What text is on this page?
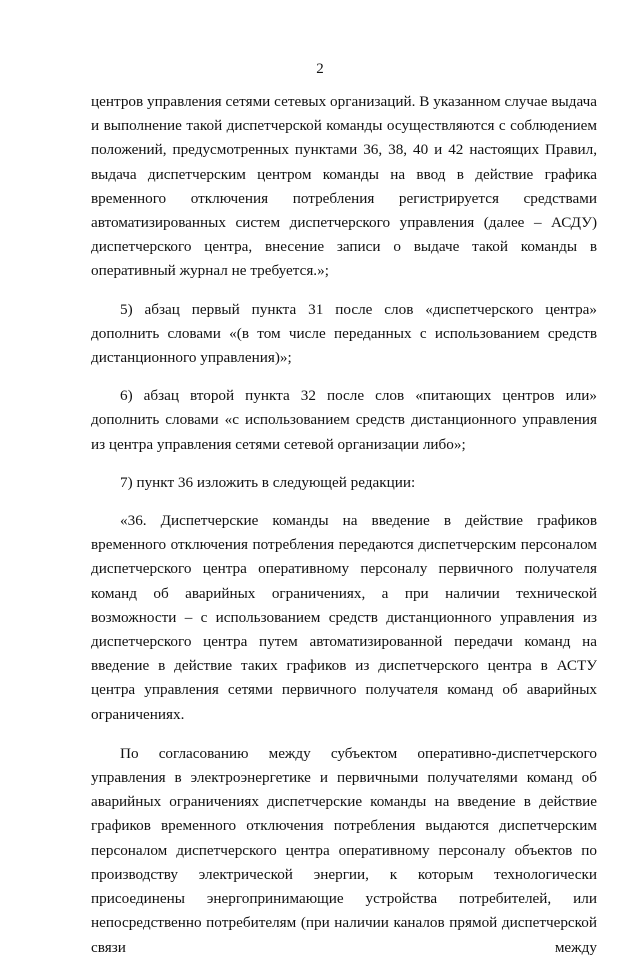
2

центров управления сетями сетевых организаций. В указанном случае выдача и выполнение такой диспетчерской команды осуществляются с соблюдением положений, предусмотренных пунктами 36, 38, 40 и 42 настоящих Правил, выдача диспетчерским центром команды на ввод в действие графика временного отключения потребления регистрируется средствами автоматизированных систем диспетчерского управления (далее – АСДУ) диспетчерского центра, внесение записи о выдаче такой команды в оперативный журнал не требуется.»;

5) абзац первый пункта 31 после слов «диспетчерского центра» дополнить словами «(в том числе переданных с использованием средств дистанционного управления)»;

6) абзац второй пункта 32 после слов «питающих центров или» дополнить словами «с использованием средств дистанционного управления из центра управления сетями сетевой организации либо»;

7) пункт 36 изложить в следующей редакции:

«36. Диспетчерские команды на введение в действие графиков временного отключения потребления передаются диспетчерским персоналом диспетчерского центра оперативному персоналу первичного получателя команд об аварийных ограничениях, а при наличии технической возможности – с использованием средств дистанционного управления из диспетчерского центра путем автоматизированной передачи команд на введение в действие таких графиков из диспетчерского центра в АСТУ центра управления сетями первичного получателя команд об аварийных ограничениях.

По согласованию между субъектом оперативно-диспетчерского управления в электроэнергетике и первичными получателями команд об аварийных ограничениях диспетчерские команды на введение в действие графиков временного отключения потребления выдаются диспетчерским персоналом диспетчерского центра оперативному персоналу объектов по производству электрической энергии, к которым технологически присоединены энергопринимающие устройства потребителей, или непосредственно потребителям (при наличии каналов прямой диспетчерской связи между
